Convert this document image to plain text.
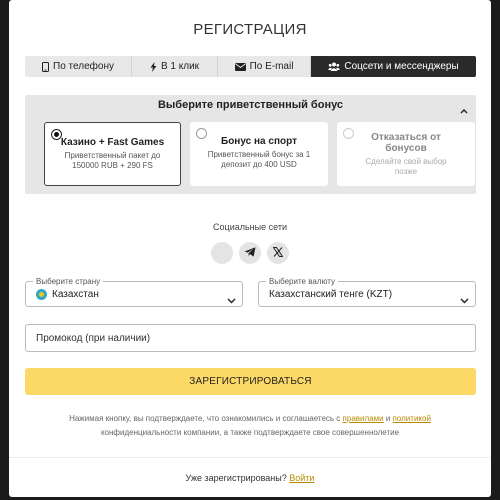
РЕГИСТРАЦИЯ
По телефону	В 1 клик	По E-mail	Соцсети и мессенджеры
Выберите приветственный бонус
Казино + Fast Games
Приветственный пакет до 150000 RUB + 290 FS
Бонус на спорт
Приветственный бонус за 1 депозит до 400 USD
Отказаться от бонусов
Сделайте свой выбор позже
Социальные сети
Выберите страну
Казахстан
Выберите валюту
Казахстанский тенге (KZT)
Промокод (при наличии)
ЗАРЕГИСТРИРОВАТЬСЯ
Нажимая кнопку, вы подтверждаете, что ознакомились и соглашаетесь с правилами и политикой конфиденциальности компании, а также подтверждаете свое совершеннолетие
Уже зарегистрированы? Войти
